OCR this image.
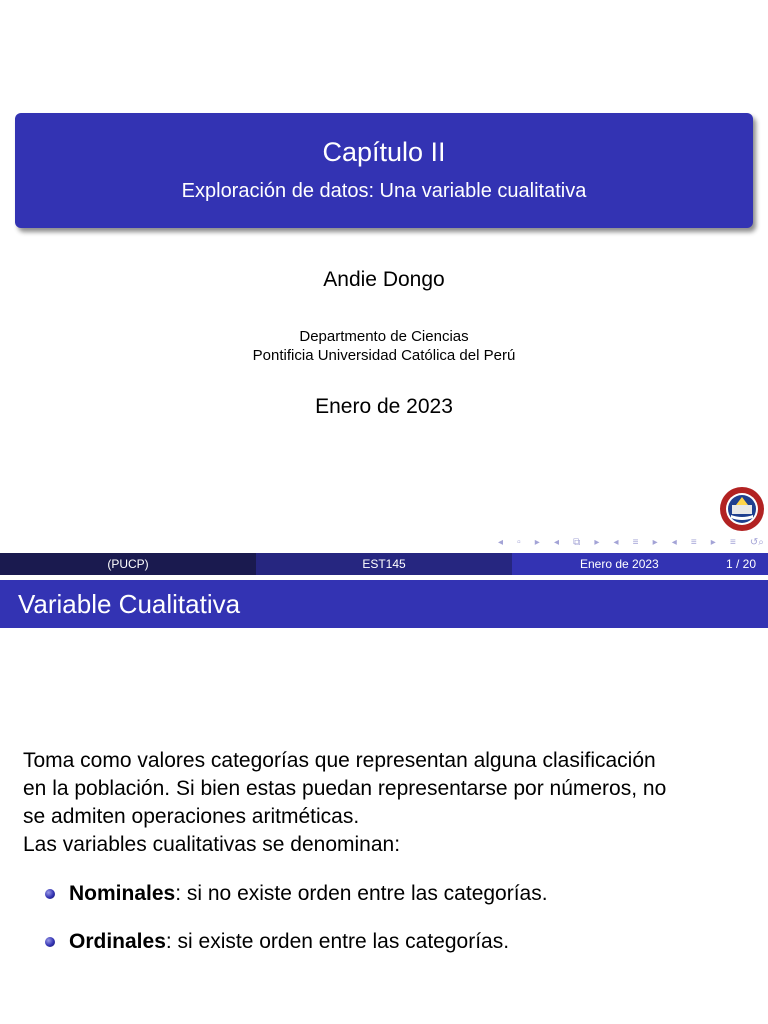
Capítulo II
Exploración de datos: Una variable cualitativa
Andie Dongo
Departmento de Ciencias
Pontificia Universidad Católica del Perú
Enero de 2023
◂ ▫ ▸ ◂ ⧉ ▸ ◂ ≡ ▸ ◂ ≡ ▸ ≡ ↺⌕
(PUCP)	EST145	Enero de 2023	1 / 20
Variable Cualitativa
Toma como valores categorías que representan alguna clasificación
en la población. Si bien estas puedan representarse por números, no
se admiten operaciones aritméticas.
Las variables cualitativas se denominan:
Nominales: si no existe orden entre las categorías.
Ordinales: si existe orden entre las categorías.
